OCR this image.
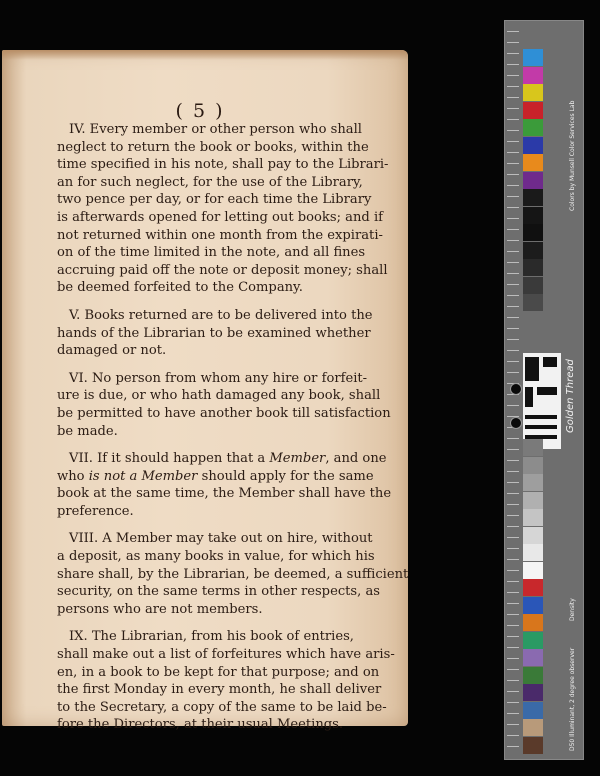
( 5 )
IV. Every member or other person who shall
neglect to return the book or books, within the
time specified in his note, shall pay to the Librari-
an for such neglect, for the use of the Library,
two pence per day, or for each time the Library
is afterwards opened for letting out books; and if
not returned within one month from the expirati-
on of the time limited in the note, and all fines
accruing paid off the note or deposit money; shall
be deemed forfeited to the Company.
V. Books returned are to be delivered into the
hands of the Librarian to be examined whether
damaged or not.
VI. No person from whom any hire or forfeit-
ure is due, or who hath damaged any book, shall
be permitted to have another book till satisfaction
be made.
VII. If it should happen that a Member, and one
who is not a Member should apply for the same
book at the same time, the Member shall have the
preference.
VIII. A Member may take out on hire, without
a deposit, as many books in value, for which his
share shall, by the Librarian, be deemed, a sufficient
security, on the same terms in other respects, as
persons who are not members.
IX. The Librarian, from his book of entries,
shall make out a list of forfeitures which have aris-
en, in a book to be kept for that purpose; and on
the first Monday in every month, he shall deliver
to the Secretary, a copy of the same to be laid be-
fore the Directors, at their usual Meetings.
Golden Thread
Colors by Munsell Color Services Lab
Density
D50 Illuminant, 2 degree observer
